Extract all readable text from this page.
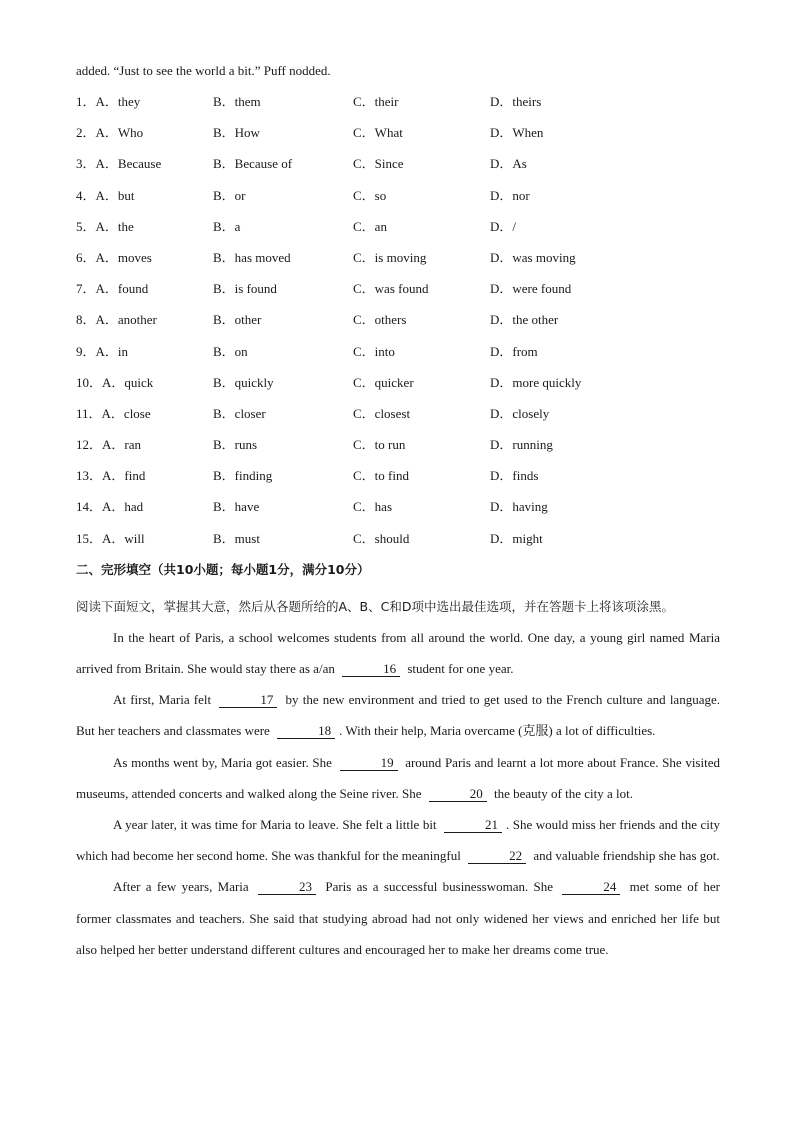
added. “Just to see the world a bit.” Puff nodded.
1．A．they	B．them	C．their	D．theirs
2．A．Who	B．How	C．What	D．When
3．A．Because	B．Because of	C．Since	D．As
4．A．but	B．or	C．so	D．nor
5．A．the	B．a	C．an	D．/
6．A．moves	B．has moved	C．is moving	D．was moving
7．A．found	B．is found	C．was found	D．were found
8．A．another	B．other	C．others	D．the other
9．A．in	B．on	C．into	D．from
10．A．quick	B．quickly	C．quicker	D．more quickly
11．A．close	B．closer	C．closest	D．closely
12．A．ran	B．runs	C．to run	D．running
13．A．find	B．finding	C．to find	D．finds
14．A．had	B．have	C．has	D．having
15．A．will	B．must	C．should	D．might
二、完形填空（共10小题；每小题1分，满分10分）
阅读下面短文，掌握其大意，然后从各题所给的A、B、C和D项中选出最佳选项，并在答题卡上将该项涂黑。

In the heart of Paris, a school welcomes students from all around the world. One day, a young girl named Maria arrived from Britain. She would stay there as a/an	16 student for one year.

At first, Maria felt	17 by the new environment and tried to get used to the French culture and language. But her teachers and classmates were	18 . With their help, Maria overcame (克服) a lot of difficulties.

As months went by, Maria got easier. She	19 around Paris and learnt a lot more about France. She visited museums, attended concerts and walked along the Seine river. She	20 the beauty of the city a lot.

A year later, it was time for Maria to leave. She felt a little bit	21 . She would miss her friends and the city which had become her second home. She was thankful for the meaningful	22 and valuable friendship she has got.

After a few years, Maria	23 Paris as a successful businesswoman. She	24 met some of her former classmates and teachers. She said that studying abroad had not only widened her views and enriched her life but also helped her better understand different cultures and encouraged her to make her dreams come true.
